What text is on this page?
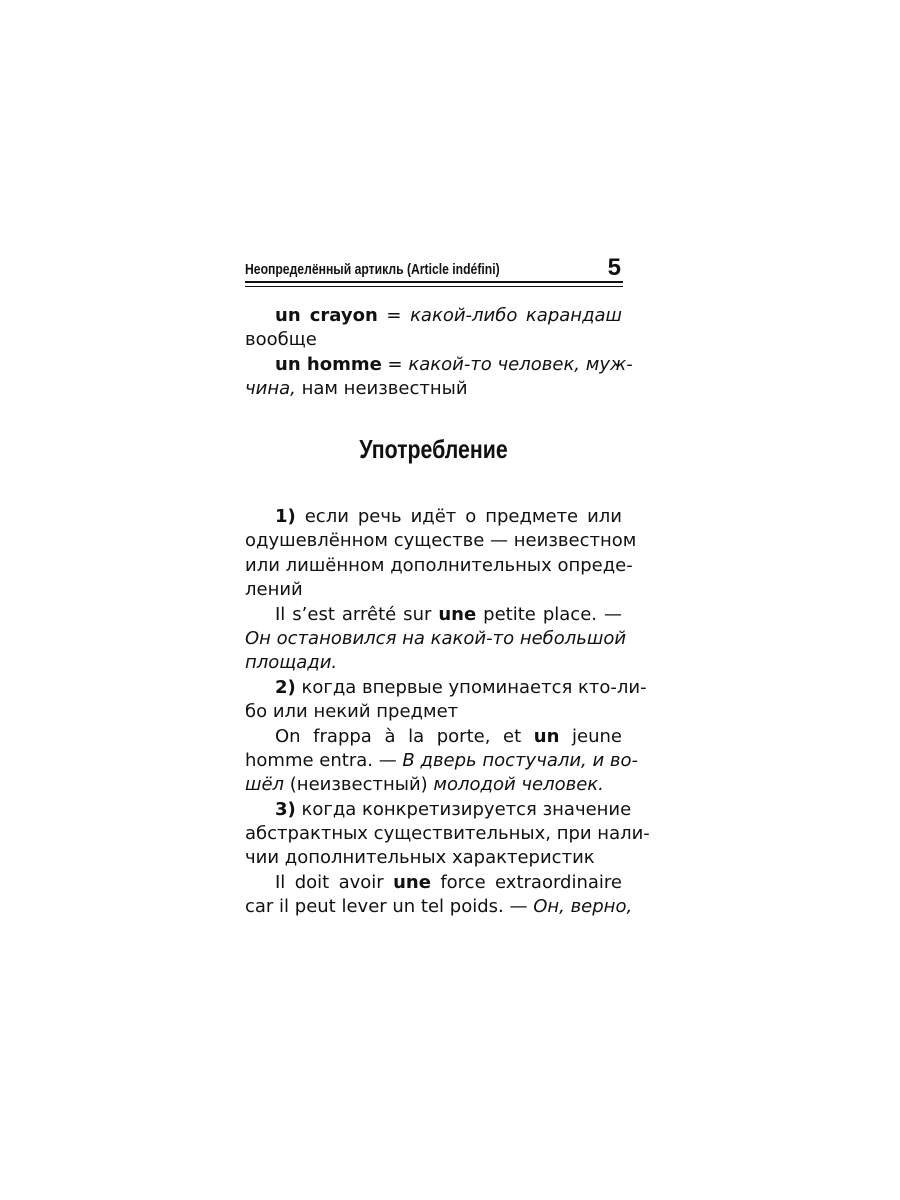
Неопределённый артикль (Article indéfini)	5
un crayon = какой-либо карандаш
вообще
un homme = какой-то человек, муж-
чина, нам неизвестный
Употребление
1) если речь идёт о предмете или
одушевлённом существе — неизвестном
или лишённом дополнительных опреде-
лений
Il s’est arrêté sur une petite place. —
Он остановился на какой-то небольшой
площади.
2) когда впервые упоминается кто-ли-
бо или некий предмет
On frappa à la porte, et un jeune
homme entra. — В дверь постучали, и во-
шёл (неизвестный) молодой человек.
3) когда конкретизируется значение
абстрактных существительных, при нали-
чии дополнительных характеристик
Il doit avoir une force extraordinaire
car il peut lever un tel poids. — Он, верно,
